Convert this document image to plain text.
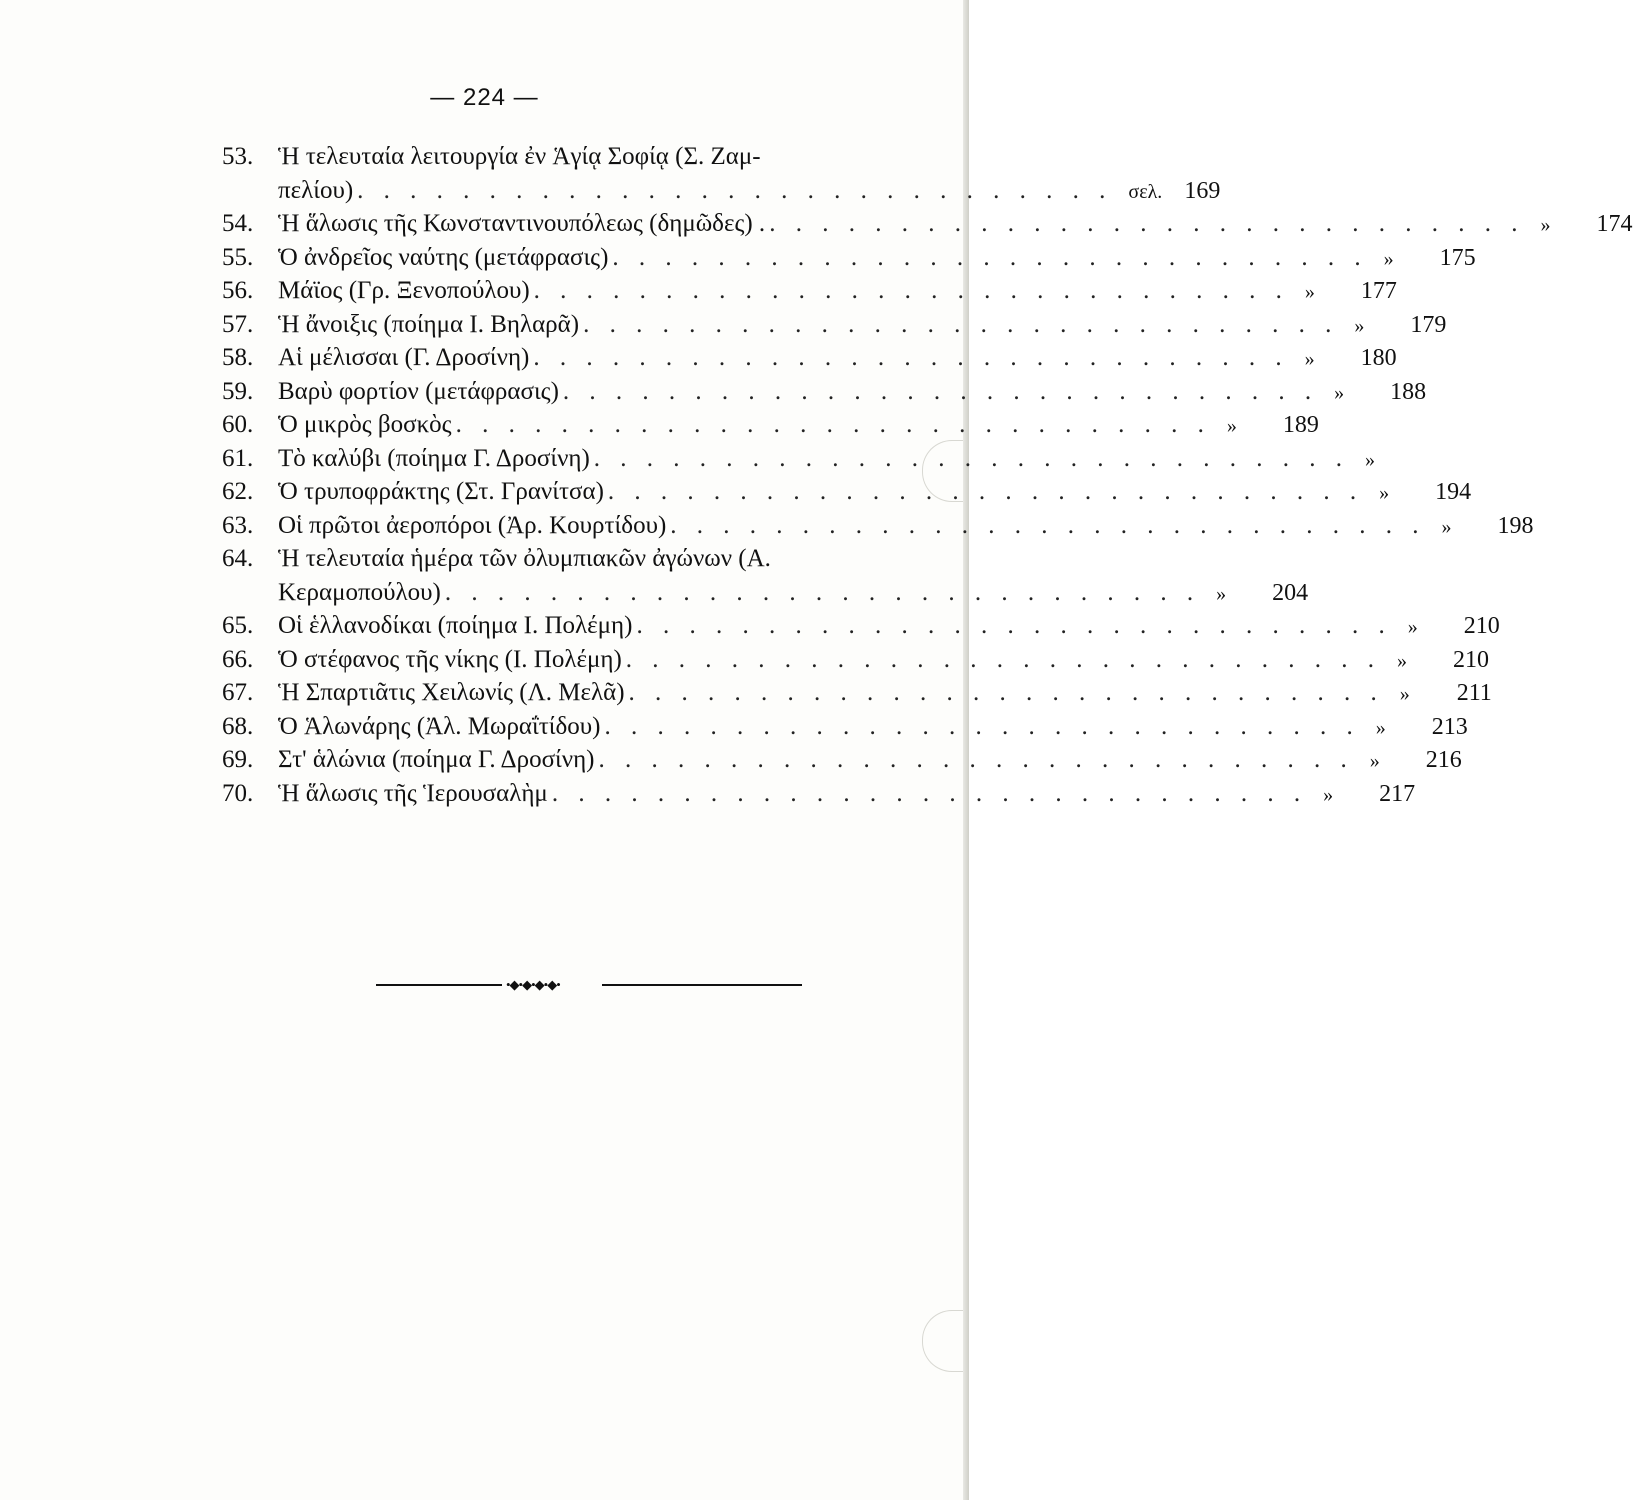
— 224 —
53. Ἡ τελευταία λειτουργία ἐν Ἁγίᾳ Σοφίᾳ (Σ. Ζαμ-
πελίου) . . . . . . . . . . . . . . . . . . . . . . . . . . . . . σελ. 169
54. Ἡ ἅλωσις τῆς Κωνσταντινουπόλεως (δημῶδες) . . . . . . . . . . . . . . . . . . . . . . . . . . . . . . »	174
55. Ὁ ἀνδρεῖος ναύτης (μετάφρασις) . . . . . . . . . . . . . . . . . . . . . . . . . . . . . »	175
56. Μάϊος (Γρ. Ξενοπούλου) . . . . . . . . . . . . . . . . . . . . . . . . . . . . . »	177
57. Ἡ ἄνοιξις (ποίημα Ι. Βηλαρᾶ) . . . . . . . . . . . . . . . . . . . . . . . . . . . . . »	179
58. Αἱ μέλισσαι (Γ. Δροσίνη) . . . . . . . . . . . . . . . . . . . . . . . . . . . . . »	180
59. Βαρὺ φορτίον (μετάφρασις) . . . . . . . . . . . . . . . . . . . . . . . . . . . . . »	188
60. Ὁ μικρὸς βοσκὸς . . . . . . . . . . . . . . . . . . . . . . . . . . . . . »	189
61. Τὸ καλύβι (ποίημα Γ. Δροσίνη) . . . . . . . . . . . . . . . . . . . . . . . . . . . . . »
62. Ὁ τρυποφράκτης (Στ. Γρανίτσα) . . . . . . . . . . . . . . . . . . . . . . . . . . . . . »	194
63. Οἱ πρῶτοι ἀεροπόροι (Ἀρ. Κουρτίδου) . . . . . . . . . . . . . . . . . . . . . . . . . . . . . »	198
64. Ἡ τελευταία ἡμέρα τῶν ὀλυμπιακῶν ἀγώνων (Α.
Κεραμοπούλου) . . . . . . . . . . . . . . . . . . . . . . . . . . . . . »	204
65. Οἱ ἑλλανοδίκαι (ποίημα Ι. Πολέμη) . . . . . . . . . . . . . . . . . . . . . . . . . . . . . »	210
66. Ὁ στέφανος τῆς νίκης (Ι. Πολέμη) . . . . . . . . . . . . . . . . . . . . . . . . . . . . . »	210
67. Ἡ Σπαρτιᾶτις Χειλωνίς (Λ. Μελᾶ) . . . . . . . . . . . . . . . . . . . . . . . . . . . . . »	211
68. Ὁ Ἁλωνάρης (Ἀλ. Μωραΐτίδου) . . . . . . . . . . . . . . . . . . . . . . . . . . . . . »	213
69. Στ' ἁλώνια (ποίημα Γ. Δροσίνη) . . . . . . . . . . . . . . . . . . . . . . . . . . . . . »	216
70. Ἡ ἅλωσις τῆς Ἱερουσαλὴμ . . . . . . . . . . . . . . . . . . . . . . . . . . . . . »	217
•◆•◆•◆•◆•
